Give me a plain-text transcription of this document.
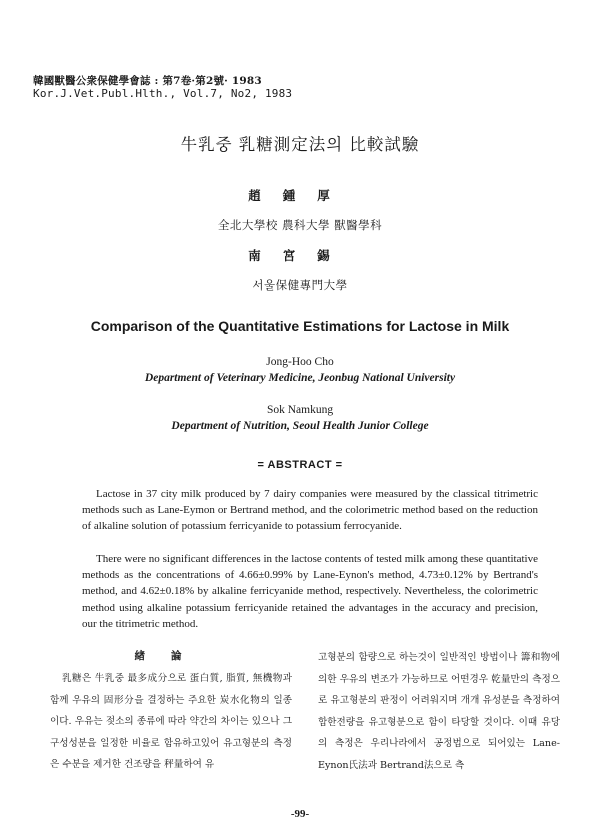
韓國獸醫公衆保健學會誌 : 第7卷·第2號· 1983
Kor.J.Vet.Publ.Hlth., Vol.7, No2, 1983
牛乳중 乳糖測定法의 比較試驗
趙鍾厚
全北大學校 農科大學 獸醫學科
南宮錫
서울保健專門大學
Comparison of the Quantitative Estimations for Lactose in Milk
Jong-Hoo Cho
Department of Veterinary Medicine, Jeonbug National University
Sok Namkung
Department of Nutrition, Seoul Health Junior College
= ABSTRACT =

Lactose in 37 city milk produced by 7 dairy companies were measured by the classical titrimetric methods such as Lane-Eymon or Bertrand method, and the colorimetric method based on the reduction of alkaline solution of potassium ferricyanide to potassium ferrocyanide.

There were no significant differences in the lactose contents of tested milk among these quantitative methods as the concentrations of 4.66±0.99% by Lane-Eynon's method, 4.73±0.12% by Bertrand's method, and 4.62±0.18% by alkaline ferricyanide method, respectively. Nevertheless, the colorimetric method using alkaline potassium ferricyanide retained the advantages in the accuracy and precision, our the titrimetric method.

緖論
乳糖은 牛乳중 最多成分으로 蛋白質, 脂質, 無機物과 함께 우유의 固形分을 결정하는 주요한 炭水化物의 일종이다. 우유는 젖소의 종류에 따라 약간의 차이는 있으나 그 구성성분을 일정한 비율로 함유하고있어 유고형분의 측정은 수분을 제거한 건조량을 秤量하여 유
고형분의 함량으로 하는것이 일반적인 방법이나 籌和物에 의한 우유의 변조가 가능하므로 어떤경우 乾量만의 측정으로 유고형분의 판정이 어려워지며 개개 유성분을 측정하여 합한전량을 유고형분으로 함이 타당할 것이다. 이때 유당의 측정은 우리나라에서 공정법으로 되어있는 Lane-Eynon氏法과 Bertrand法으로 측
-99-
